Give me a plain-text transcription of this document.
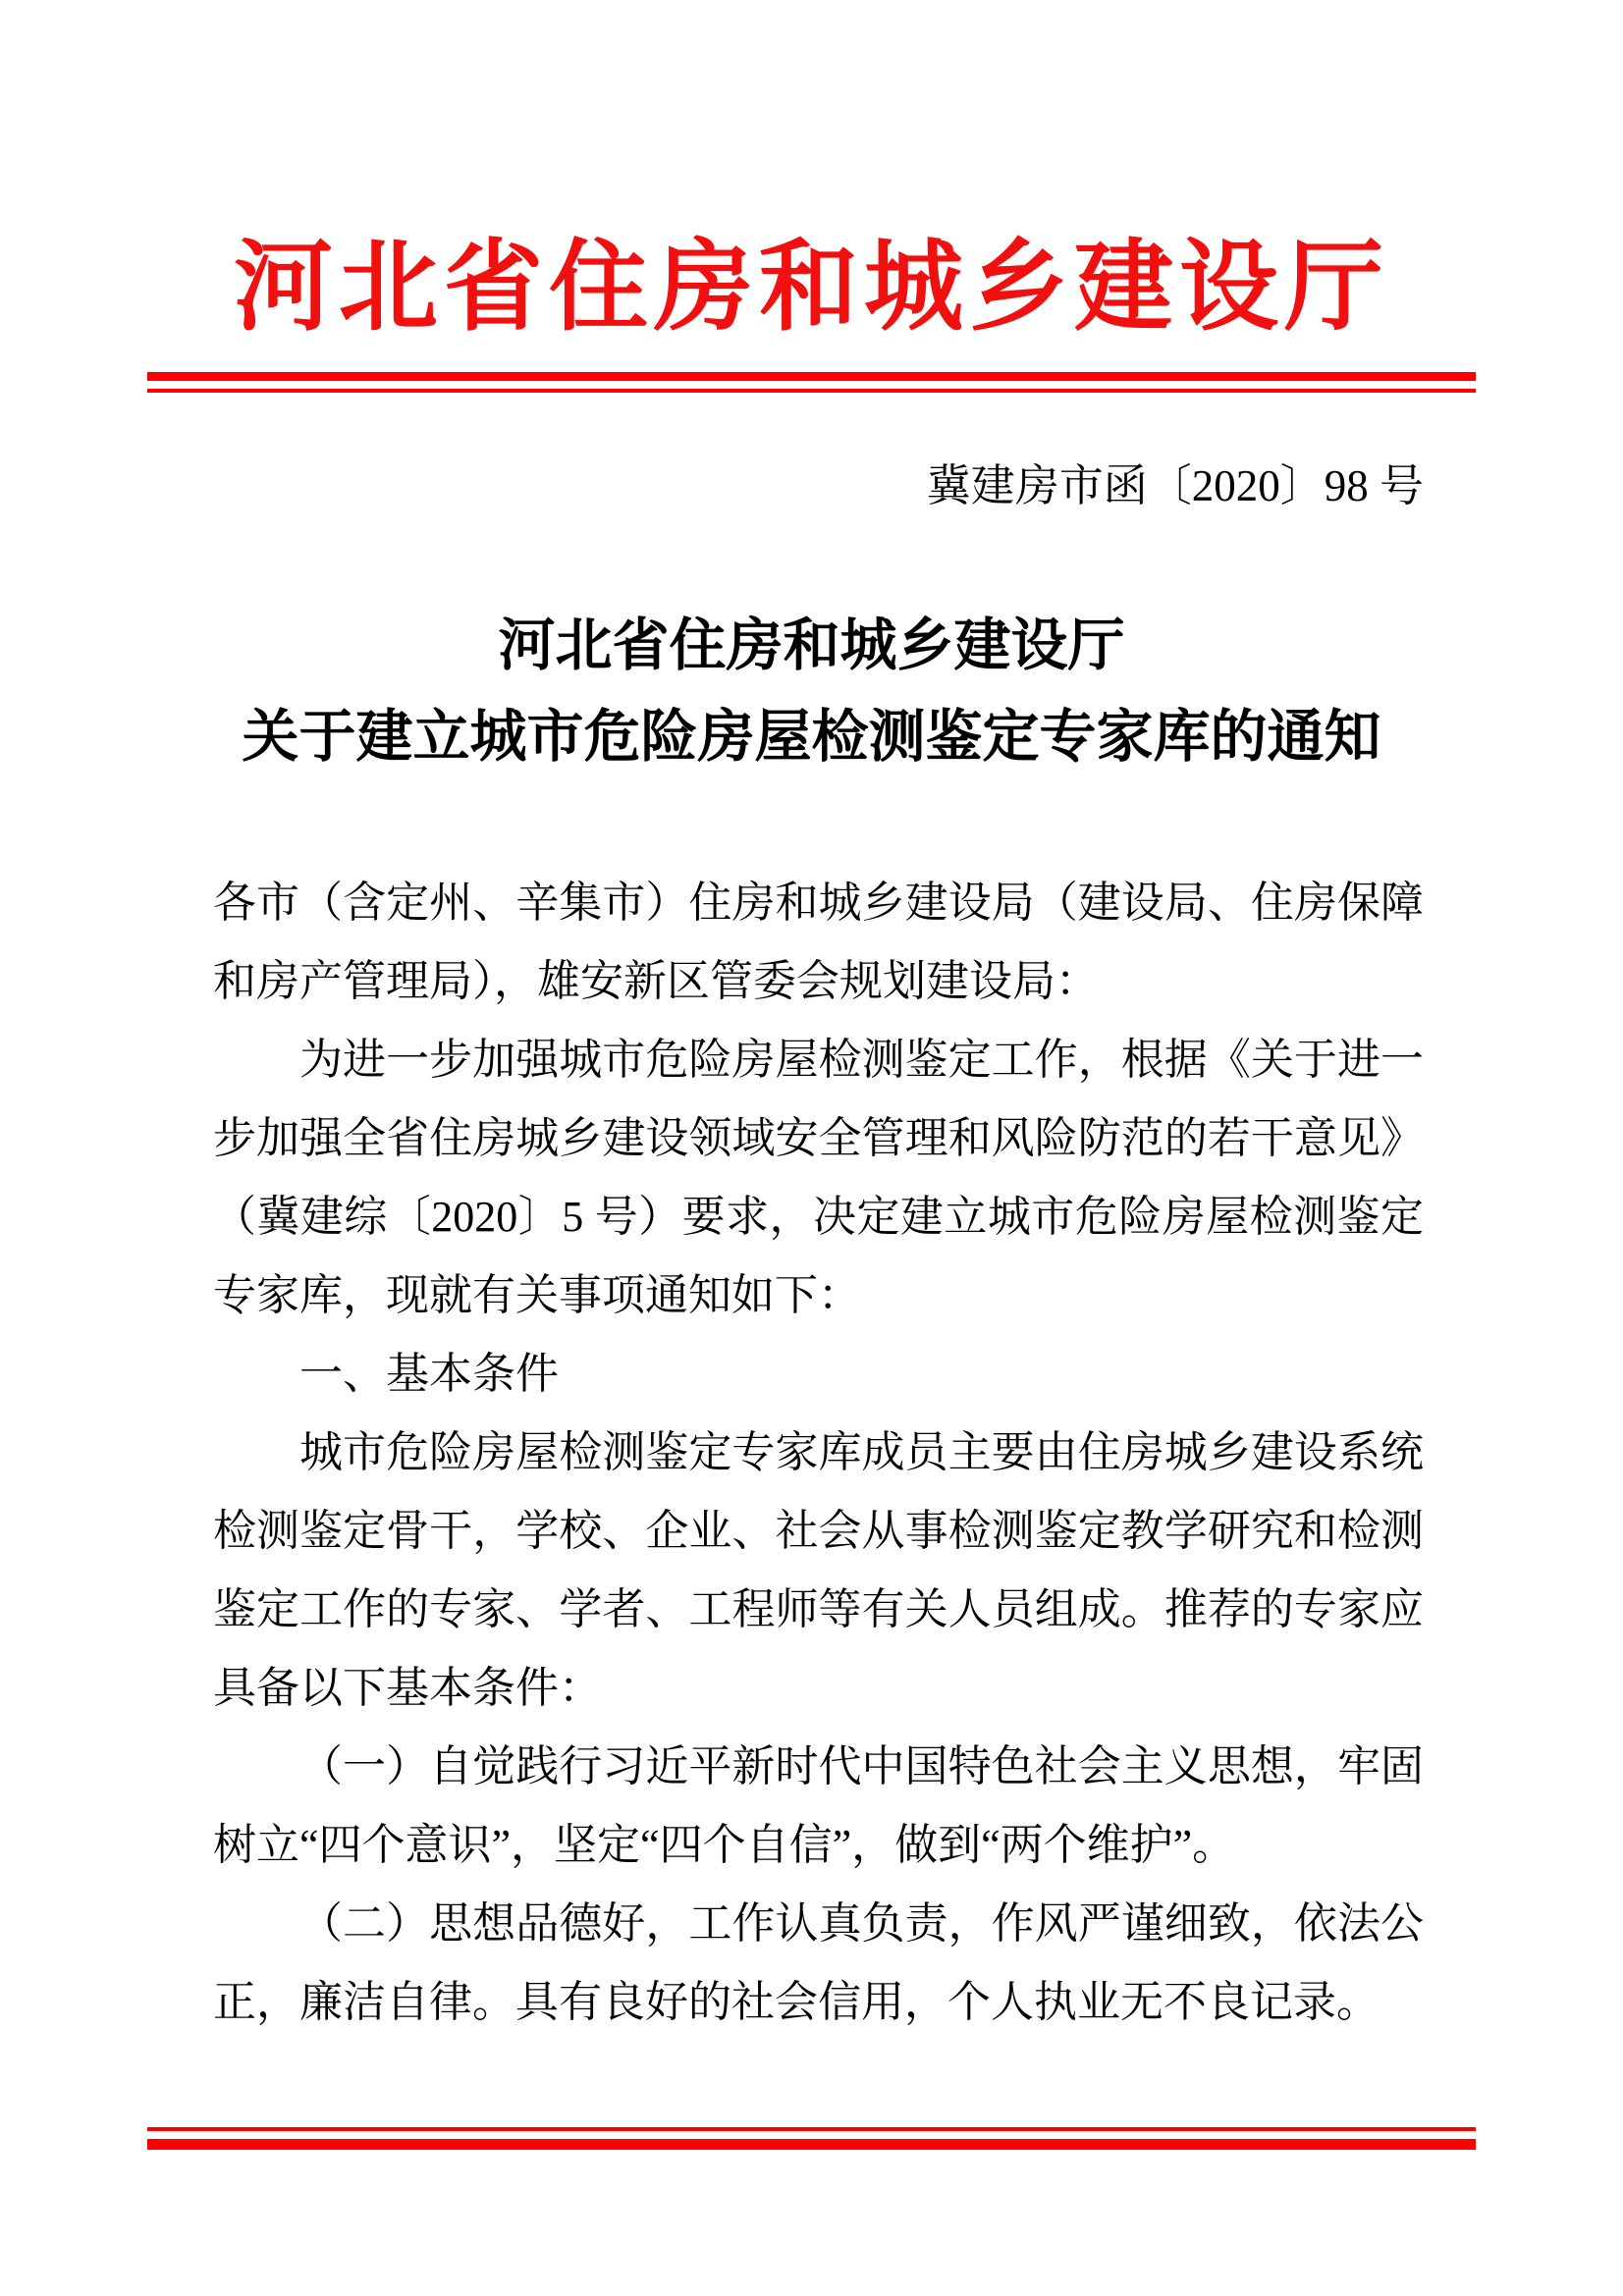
河北省住房和城乡建设厅
冀建房市函〔2020〕98 号
河北省住房和城乡建设厅
关于建立城市危险房屋检测鉴定专家库的通知

各市（含定州、辛集市）住房和城乡建设局（建设局、住房保障和房产管理局），雄安新区管委会规划建设局：

为进一步加强城市危险房屋检测鉴定工作，根据《关于进一步加强全省住房城乡建设领域安全管理和风险防范的若干意见》（冀建综〔2020〕5 号）要求，决定建立城市危险房屋检测鉴定专家库，现就有关事项通知如下：

一、基本条件

城市危险房屋检测鉴定专家库成员主要由住房城乡建设系统检测鉴定骨干，学校、企业、社会从事检测鉴定教学研究和检测鉴定工作的专家、学者、工程师等有关人员组成。推荐的专家应具备以下基本条件：

（一）自觉践行习近平新时代中国特色社会主义思想，牢固树立“四个意识”，坚定“四个自信”，做到“两个维护”。

（二）思想品德好，工作认真负责，作风严谨细致，依法公正，廉洁自律。具有良好的社会信用，个人执业无不良记录。
